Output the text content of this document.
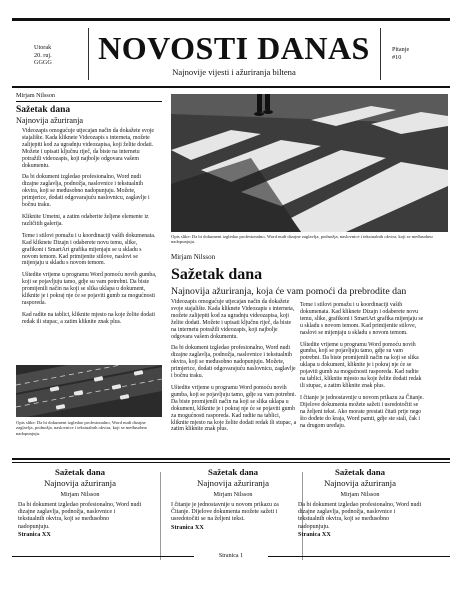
Utorak
20. ruj.
GGGG	NOVOSTI DANAS
Najnovije vijesti i ažuriranja biltena
Pitanje
#10
Mirjam Nilsson
Sažetak dana
Najnovija ažuriranja

Videozapis omogućuje utjecajan način da dokažete svoje stajalište. Kada kliknete Videozapis s interneta, možete zalijepiti kod za ugradnju videozapisa, koji želite dodati. Možete i upisati ključnu riječ, da biste na internetu potražili videozapis, koji najbolje odgovara vašem dokumentu.

Da bi dokument izgledao profesionalno, Word nudi dizajne zaglavlja, podnožja, naslovnice i tekstualnih okvira, koji se međusobno nadopunjuju. Možete, primjerice, dodati odgovarajuću naslovnicu, zaglavlje i bočnu traku.

Kliknite Umetni, a zatim odaberite željene elemente iz različitih galerija.

Teme i stilovi pomažu i u koordinaciji vaših dokumenata. Kad kliknete Dizajn i odaberete novu temu, slike, grafikoni i SmartArt grafika mijenjaju se u skladu s novom temom. Kad primijenite stilove, naslovi se mijenjaju u skladu s novom temom.

Uštedite vrijeme u programu Word pomoću novih gumba, koji se pojavljuju tamo, gdje su vam potrebni. Da biste promijenili način na koji se slika uklapa u dokument, kliknite je i pokraj nje će se pojaviti gumb za mogućnosti rasporeda.

Kad radite na tablici, kliknite mjesto na koje želite dodati redak ili stupac, a zatim kliknite znak plus.

Opis slike: Da bi dokument izgledao profesionalno, Word nudi dizajne zaglavlja, podnožja, naslovnice i tekstualnih okvira, koji se međusobno nadopunjuju.
Opis slike: Da bi dokument izgledao profesionalno, Word nudi dizajne zaglavlja, podnožja, naslovnice i tekstualnih okvira, koji se međusobno nadopunjuju.
Mirjam Nilsson
Sažetak dana
Najnovija ažuriranja, koja će vam pomoći da prebrodite dan

Videozapis omogućuje utjecajan način da dokažete svoje stajalište. Kada kliknete Videozapis s interneta, možete zalijepiti kod za ugradnju videozapisa, koji želite dodati. Možete i upisati ključnu riječ, da biste na internetu potražili videozapis, koji najbolje odgovara vašem dokumentu.

Da bi dokument izgledao profesionalno, Word nudi dizajne zaglavlja, podnožja, naslovnice i tekstualnih okvira, koji se međusobno nadopunjuju. Možete, primjerice, dodati odgovarajuću naslovnicu, zaglavlje i bočnu traku.

Uštedite vrijeme u programu Word pomoću novih gumba, koji se pojavljuju tamo, gdje su vam potrebni. Da biste promijenili način na koji se slika uklapa u dokument, kliknite je i pokraj nje će se pojaviti gumb za mogućnosti rasporeda. Kad radite na tablici, kliknite mjesto na koje želite dodati redak ili stupac, a zatim kliknite znak plus.

Teme i stilovi pomažu i u koordinaciji vaših dokumenata. Kad kliknete Dizajn i odaberete novu temu, slike, grafikoni i SmartArt grafika mijenjaju se u skladu s novom temom. Kad primijenite stilove, naslovi se mijenjaju u skladu s novom temom.

Uštedite vrijeme u programu Word pomoću novih gumba, koji se pojavljuju tamo, gdje su vam potrebni. Da biste promijenili način na koji se slika uklapa u dokument, kliknite je i pokraj nje će se pojaviti gumb za mogućnosti rasporeda. Kad radite na tablici, kliknite mjesto na koje želite dodati redak ili stupac, a zatim kliknite znak plus.

I čitanje je jednostavnije u novom prikazu za Čitanje. Dijelove dokumenta možete sažeti i usredotočiti se na željeni tekst. Ako morate prestati čitati prije nego što dođete do kraja, Word pamti, gdje ste stali, čak i na drugom uređaju.

Sažetak dana
Najnovija ažuriranja
Mirjam Nilsson
Da bi dokument izgledao profesionalno, Word nudi dizajne zaglavlja, podnožja, naslovnice i tekstualnih okvira, koji se međusobno nadopunjuju.
Stranica XX
Sažetak dana
Najnovija ažuriranja
Mirjam Nilsson
I čitanje je jednostavnije u novom prikazu za Čitanje. Dijelove dokumenta možete sažeti i usredotočiti se na željeni tekst.
Stranica XX
Sažetak dana
Najnovija ažuriranja
Mirjam Nilsson
Da bi dokument izgledao profesionalno, Word nudi dizajne zaglavlja, podnožja, naslovnice i tekstualnih okvira, koji se međusobno nadopunjuju.
Stranica XX
Stranica 1
